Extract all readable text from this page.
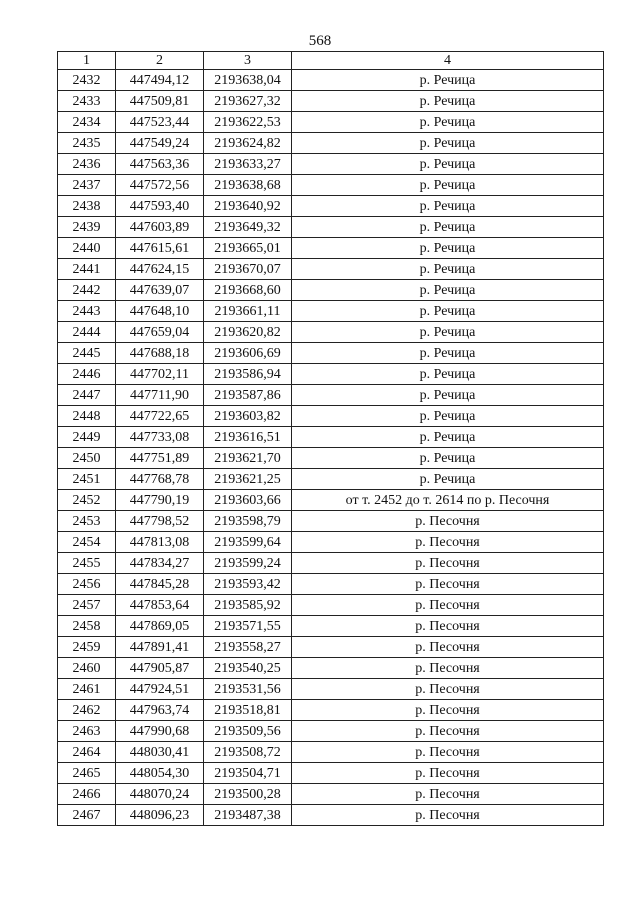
568
1	2	3	4
2432	447494,12	2193638,04	р. Речица
2433	447509,81	2193627,32	р. Речица
2434	447523,44	2193622,53	р. Речица
2435	447549,24	2193624,82	р. Речица
2436	447563,36	2193633,27	р. Речица
2437	447572,56	2193638,68	р. Речица
2438	447593,40	2193640,92	р. Речица
2439	447603,89	2193649,32	р. Речица
2440	447615,61	2193665,01	р. Речица
2441	447624,15	2193670,07	р. Речица
2442	447639,07	2193668,60	р. Речица
2443	447648,10	2193661,11	р. Речица
2444	447659,04	2193620,82	р. Речица
2445	447688,18	2193606,69	р. Речица
2446	447702,11	2193586,94	р. Речица
2447	447711,90	2193587,86	р. Речица
2448	447722,65	2193603,82	р. Речица
2449	447733,08	2193616,51	р. Речица
2450	447751,89	2193621,70	р. Речица
2451	447768,78	2193621,25	р. Речица
2452	447790,19	2193603,66	от т. 2452 до т. 2614 по р. Песочня
2453	447798,52	2193598,79	р. Песочня
2454	447813,08	2193599,64	р. Песочня
2455	447834,27	2193599,24	р. Песочня
2456	447845,28	2193593,42	р. Песочня
2457	447853,64	2193585,92	р. Песочня
2458	447869,05	2193571,55	р. Песочня
2459	447891,41	2193558,27	р. Песочня
2460	447905,87	2193540,25	р. Песочня
2461	447924,51	2193531,56	р. Песочня
2462	447963,74	2193518,81	р. Песочня
2463	447990,68	2193509,56	р. Песочня
2464	448030,41	2193508,72	р. Песочня
2465	448054,30	2193504,71	р. Песочня
2466	448070,24	2193500,28	р. Песочня
2467	448096,23	2193487,38	р. Песочня
